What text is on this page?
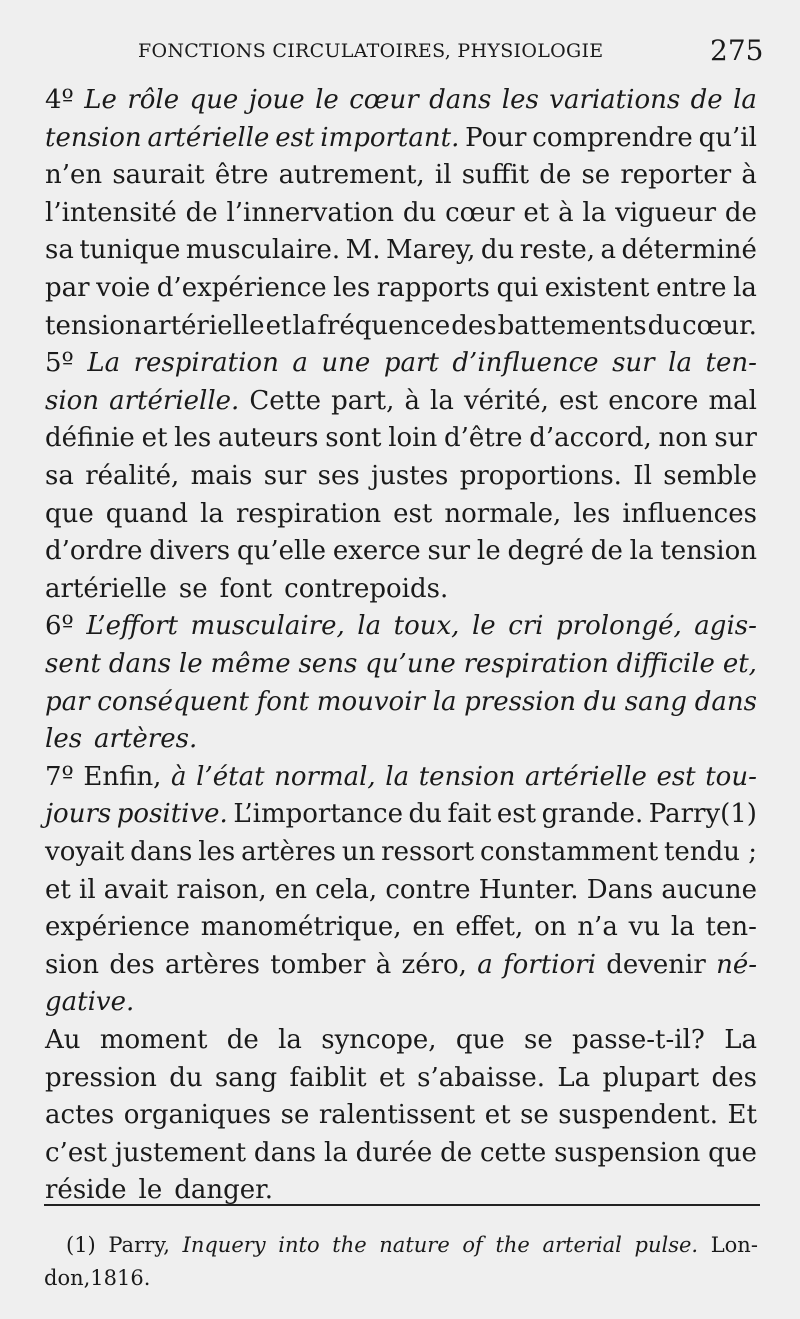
FONCTIONS CIRCULATOIRES, PHYSIOLOGIE	275
4º Le rôle que joue le cœur dans les variations de la
tension artérielle est important. Pour comprendre qu’il
n’en saurait être autrement, il suffit de se reporter à
l’intensité de l’innervation du cœur et à la vigueur de
sa tunique musculaire. M. Marey, du reste, a déterminé
par voie d’expérience les rapports qui existent entre la
tension artérielle et la fréquence des battements du cœur.
5º La respiration a une part d’influence sur la ten-
sion artérielle. Cette part, à la vérité, est encore mal
définie et les auteurs sont loin d’être d’accord, non sur
sa réalité, mais sur ses justes proportions. Il semble
que quand la respiration est normale, les influences
d’ordre divers qu’elle exerce sur le degré de la tension
artérielle se font contrepoids.
6º L’effort musculaire, la toux, le cri prolongé, agis-
sent dans le même sens qu’une respiration difficile et,
par conséquent font mouvoir la pression du sang dans
les artères.
7º Enfin, à l’état normal, la tension artérielle est tou-
jours positive. L’importance du fait est grande. Parry(1)
voyait dans les artères un ressort constamment tendu ;
et il avait raison, en cela, contre Hunter. Dans aucune
expérience manométrique, en effet, on n’a vu la ten-
sion des artères tomber à zéro, a fortiori devenir né-
gative.
Au moment de la syncope, que se passe-t-il? La
pression du sang faiblit et s’abaisse. La plupart des
actes organiques se ralentissent et se suspendent. Et
c’est justement dans la durée de cette suspension que
réside le danger.
(1) Parry, Inquery into the nature of the arterial pulse. Lon-
don, 1816.
